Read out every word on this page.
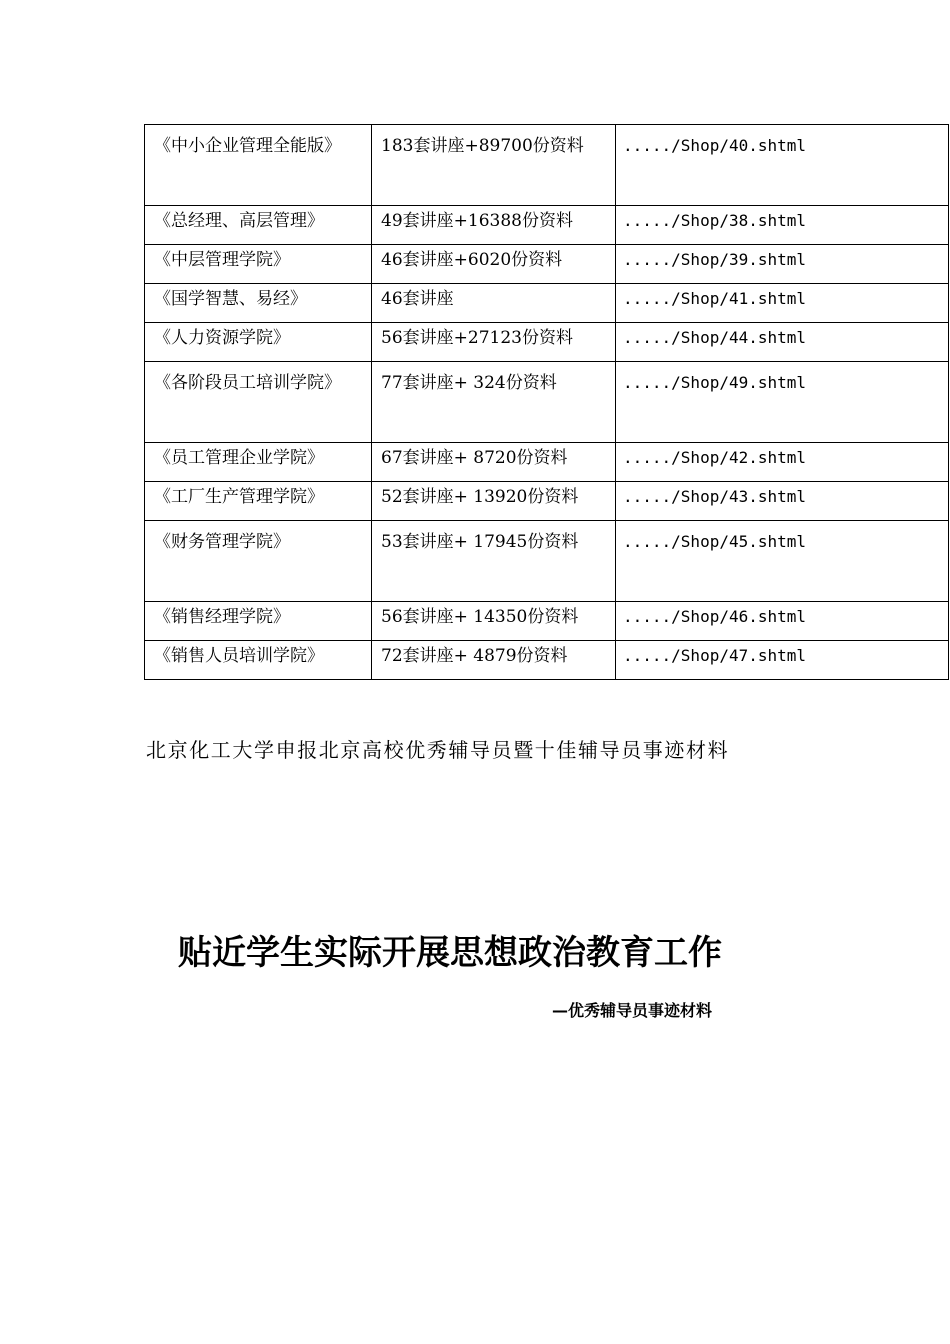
《中小企业管理全能版》	183套讲座+89700份资料	...../Shop/40.shtml
《总经理、高层管理》	49套讲座+16388份资料	...../Shop/38.shtml
《中层管理学院》	46套讲座+6020份资料	...../Shop/39.shtml
《国学智慧、易经》	46套讲座	...../Shop/41.shtml
《人力资源学院》	56套讲座+27123份资料	...../Shop/44.shtml
《各阶段员工培训学院》	77套讲座+ 324份资料	...../Shop/49.shtml
《员工管理企业学院》	67套讲座+ 8720份资料	...../Shop/42.shtml
《工厂生产管理学院》	52套讲座+ 13920份资料	...../Shop/43.shtml
《财务管理学院》	53套讲座+ 17945份资料	...../Shop/45.shtml
《销售经理学院》	56套讲座+ 14350份资料	...../Shop/46.shtml
《销售人员培训学院》	72套讲座+ 4879份资料	...../Shop/47.shtml
北京化工大学申报北京高校优秀辅导员暨十佳辅导员事迹材料
贴近学生实际开展思想政治教育工作
—优秀辅导员事迹材料
